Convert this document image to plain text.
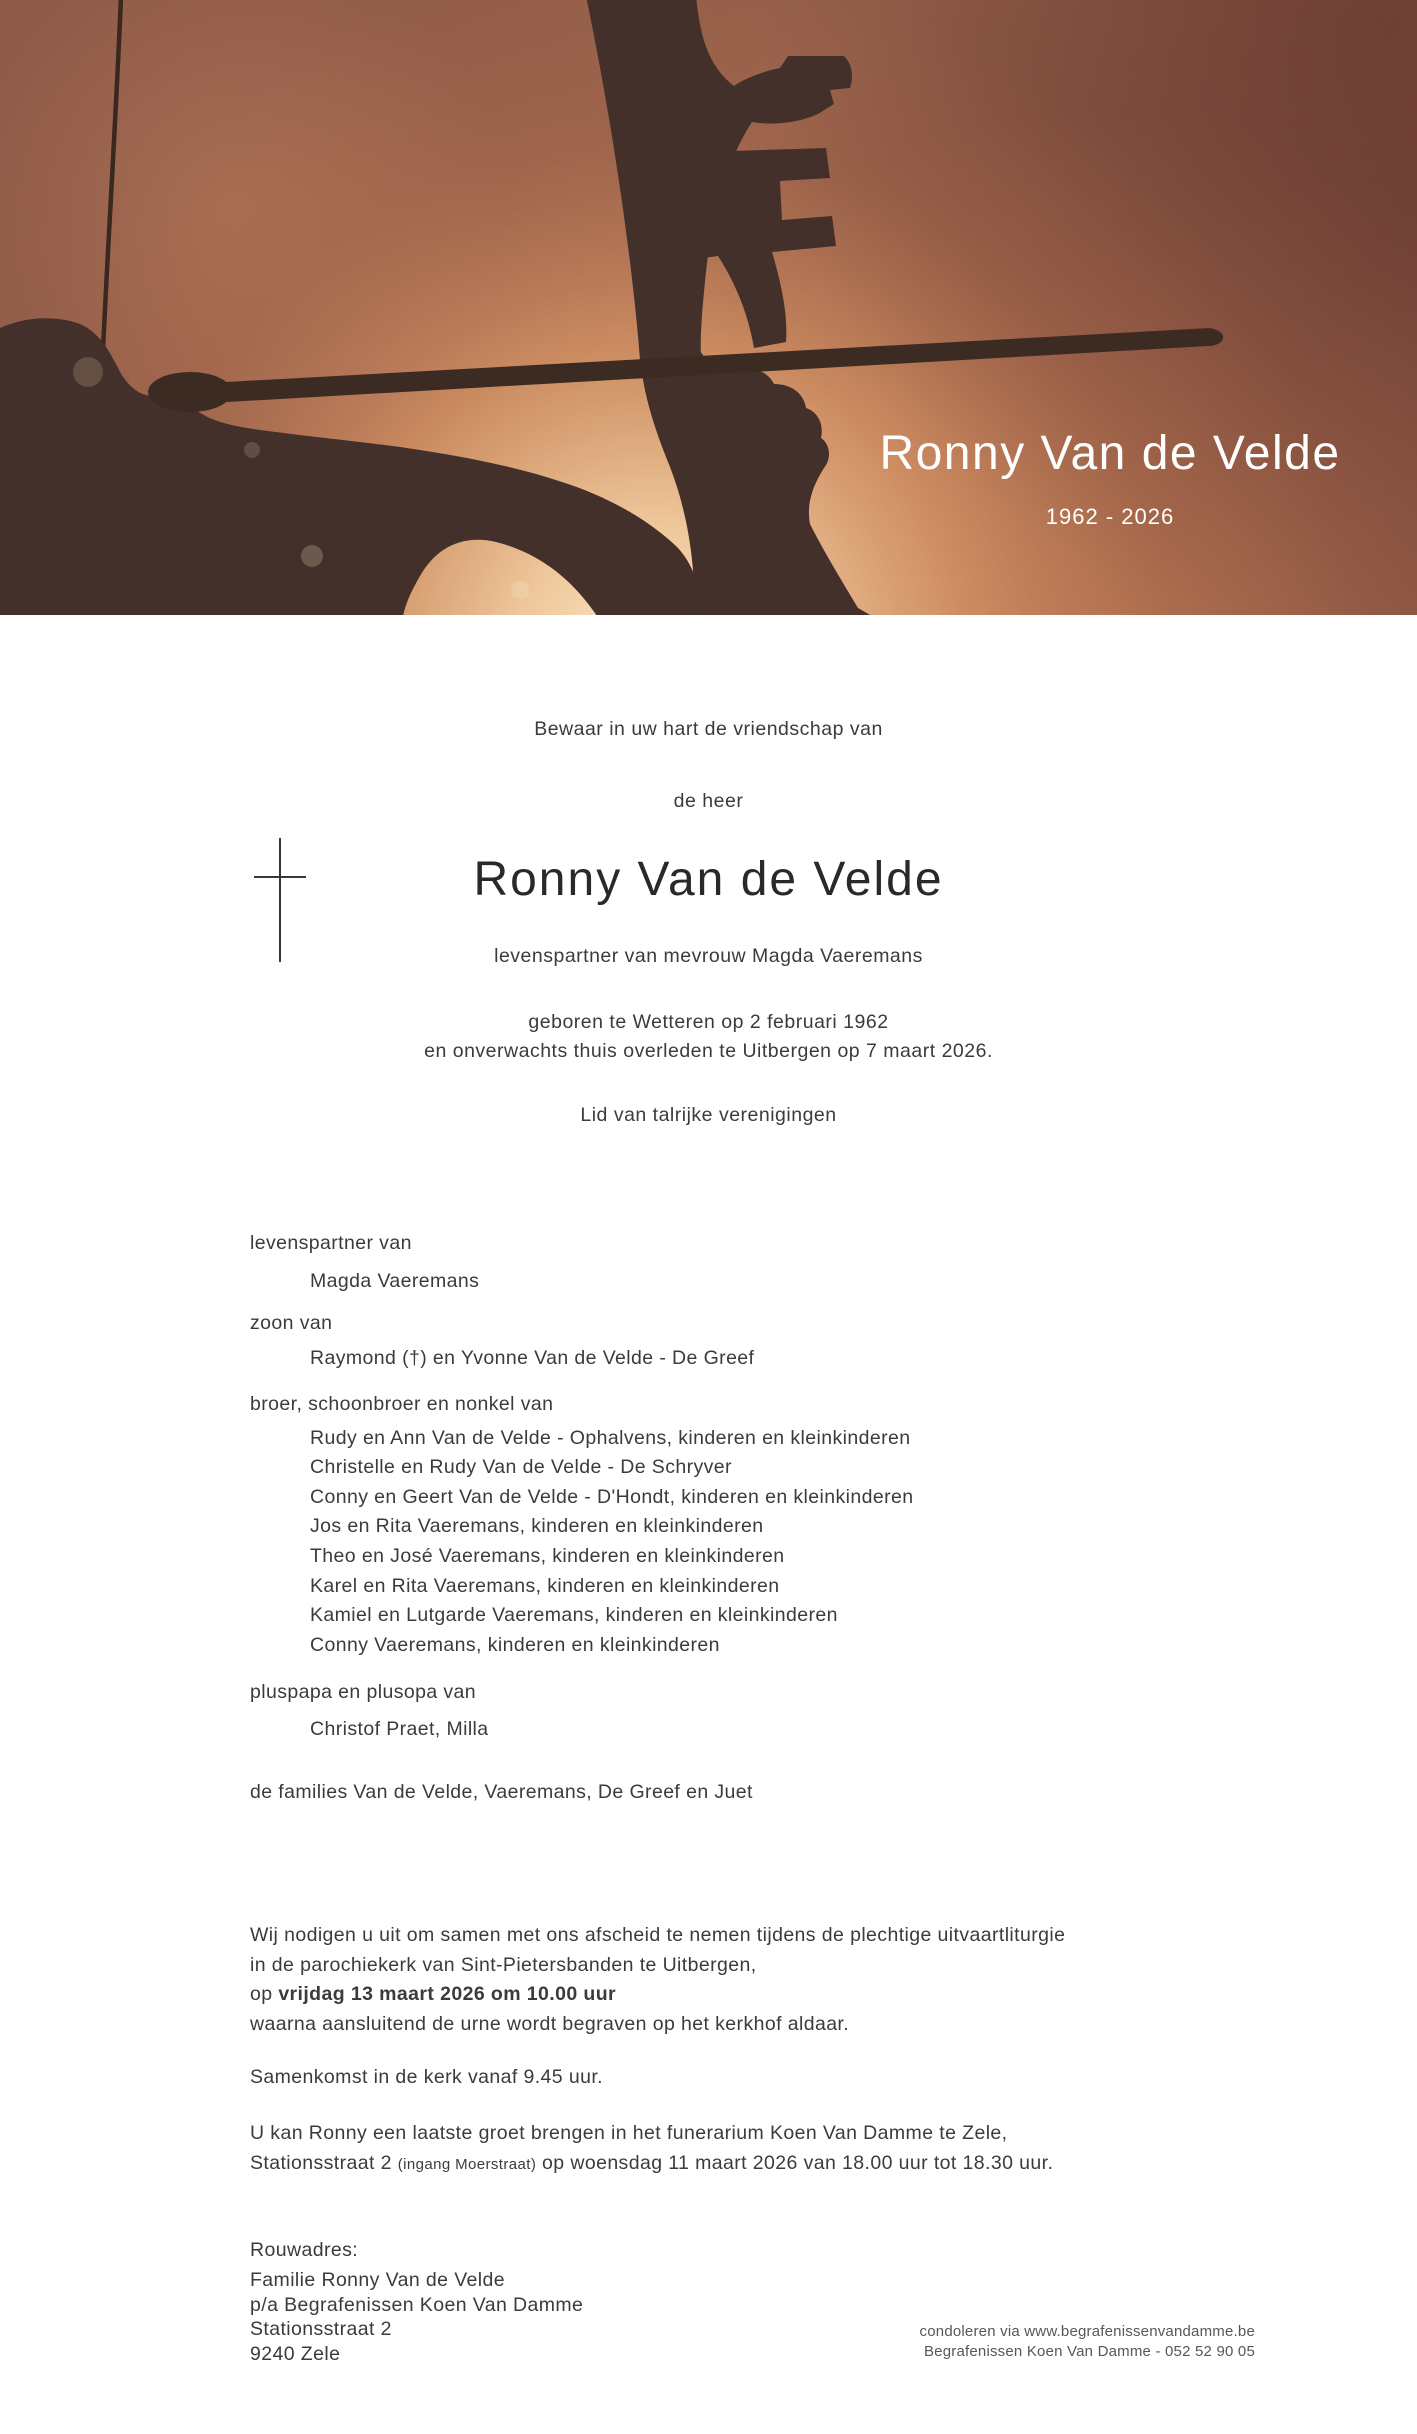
Ronny Van de Velde
1962 - 2026
Bewaar in uw hart de vriendschap van
de heer
Ronny Van de Velde
levenspartner van mevrouw Magda Vaeremans
geboren te Wetteren op 2 februari 1962
en onverwachts thuis overleden te Uitbergen op 7 maart 2026.
Lid van talrijke verenigingen
levenspartner van
Magda Vaeremans
zoon van
Raymond (†) en Yvonne Van de Velde - De Greef
broer, schoonbroer en nonkel van
Rudy en Ann Van de Velde - Ophalvens, kinderen en kleinkinderen
Christelle en Rudy Van de Velde - De Schryver
Conny en Geert Van de Velde - D'Hondt, kinderen en kleinkinderen
Jos en Rita Vaeremans, kinderen en kleinkinderen
Theo en José Vaeremans, kinderen en kleinkinderen
Karel en Rita Vaeremans, kinderen en kleinkinderen
Kamiel en Lutgarde Vaeremans, kinderen en kleinkinderen
Conny Vaeremans, kinderen en kleinkinderen
pluspapa en plusopa van
Christof Praet, Milla
de families Van de Velde, Vaeremans, De Greef en Juet
Wij nodigen u uit om samen met ons afscheid te nemen tijdens de plechtige uitvaartliturgie
in de parochiekerk van Sint-Pietersbanden te Uitbergen,
op vrijdag 13 maart 2026 om 10.00 uur
waarna aansluitend de urne wordt begraven op het kerkhof aldaar.
Samenkomst in de kerk vanaf 9.45 uur.
U kan Ronny een laatste groet brengen in het funerarium Koen Van Damme te Zele,
Stationsstraat 2 (ingang Moerstraat) op woensdag 11 maart 2026 van 18.00 uur tot 18.30 uur.
Rouwadres:
Familie Ronny Van de Velde
p/a Begrafenissen Koen Van Damme
Stationsstraat 2
9240 Zele
condoleren via www.begrafenissenvandamme.be
Begrafenissen Koen Van Damme - 052 52 90 05
